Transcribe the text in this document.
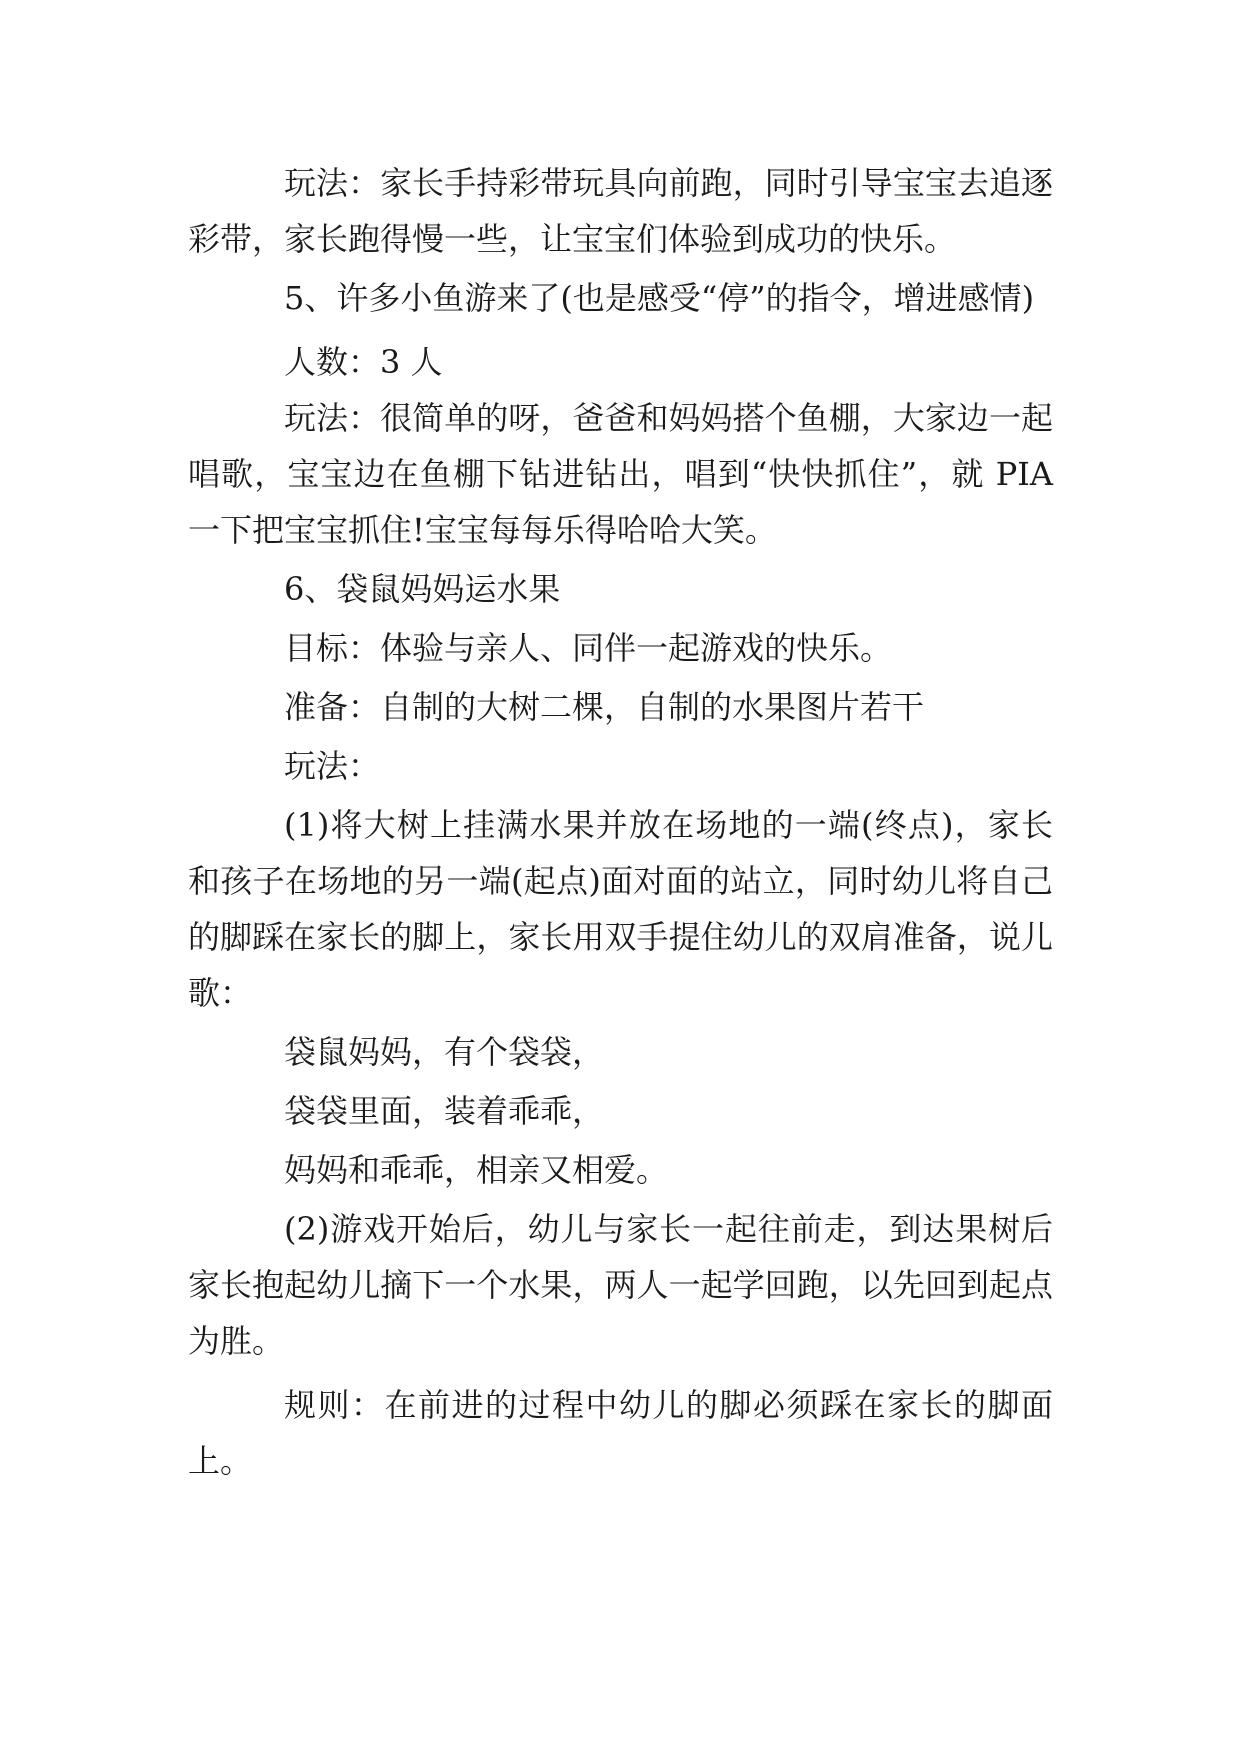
玩法：家长手持彩带玩具向前跑，同时引导宝宝去追逐彩带，家长跑得慢一些，让宝宝们体验到成功的快乐。

5、许多小鱼游来了(也是感受“停”的指令，增进感情)

人数：3 人

玩法：很简单的呀，爸爸和妈妈搭个鱼棚，大家边一起唱歌，宝宝边在鱼棚下钻进钻出，唱到“快快抓住”，就 PIA 一下把宝宝抓住!宝宝每每乐得哈哈大笑。

6、袋鼠妈妈运水果

目标：体验与亲人、同伴一起游戏的快乐。

准备：自制的大树二棵，自制的水果图片若干

玩法：

(1)将大树上挂满水果并放在场地的一端(终点)，家长和孩子在场地的另一端(起点)面对面的站立，同时幼儿将自己的脚踩在家长的脚上，家长用双手提住幼儿的双肩准备，说儿歌：

袋鼠妈妈，有个袋袋，

袋袋里面，装着乖乖，

妈妈和乖乖，相亲又相爱。

(2)游戏开始后，幼儿与家长一起往前走，到达果树后家长抱起幼儿摘下一个水果，两人一起学回跑，以先回到起点为胜。

规则：在前进的过程中幼儿的脚必须踩在家长的脚面上。
